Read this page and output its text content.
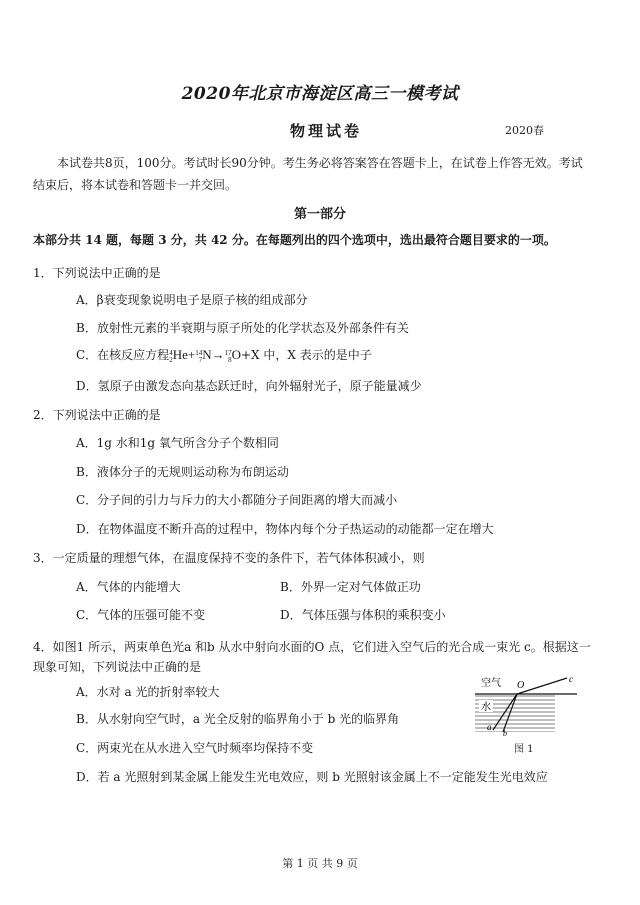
2020年北京市海淀区高三一模考试
物理试卷	2020春
本试卷共8页，100分。考试时长90分钟。考生务必将答案答在答题卡上，在试卷上作答无效。考试结束后，将本试卷和答题卡一并交回。
第一部分
本部分共 14 题，每题 3 分，共 42 分。在每题列出的四个选项中，选出最符合题目要求的一项。
1．下列说法中正确的是
A．β衰变现象说明电子是原子核的组成部分
B．放射性元素的半衰期与原子所处的化学状态及外部条件有关
C．在核反应方程 4
2 He+ 14
7 N→ 17
8 O+X 中，X 表示的是中子
D．氢原子由激发态向基态跃迁时，向外辐射光子，原子能量减少
2．下列说法中正确的是
A．1g 水和1g 氧气所含分子个数相同
B．液体分子的无规则运动称为布朗运动
C．分子间的引力与斥力的大小都随分子间距离的增大而减小
D．在物体温度不断升高的过程中，物体内每个分子热运动的动能都一定在增大
3．一定质量的理想气体，在温度保持不变的条件下，若气体体积减小，则
A．气体的内能增大	B．外界一定对气体做正功
C．气体的压强可能不变	D．气体压强与体积的乘积变小
4．如图1 所示，两束单色光a 和b 从水中射向水面的O 点，它们进入空气后的光合成一束光 c。根据这一现象可知，下列说法中正确的是
A．水对 a 光的折射率较大
B．从水射向空气时，a 光全反射的临界角小于 b 光的临界角
C．两束光在从水进入空气时频率均保持不变
D．若 a 光照射到某金属上能发生光电效应，则 b 光照射该金属上不一定能发生光电效应
空气
水
O
c
a
b
图 1
第 1 页 共 9 页
